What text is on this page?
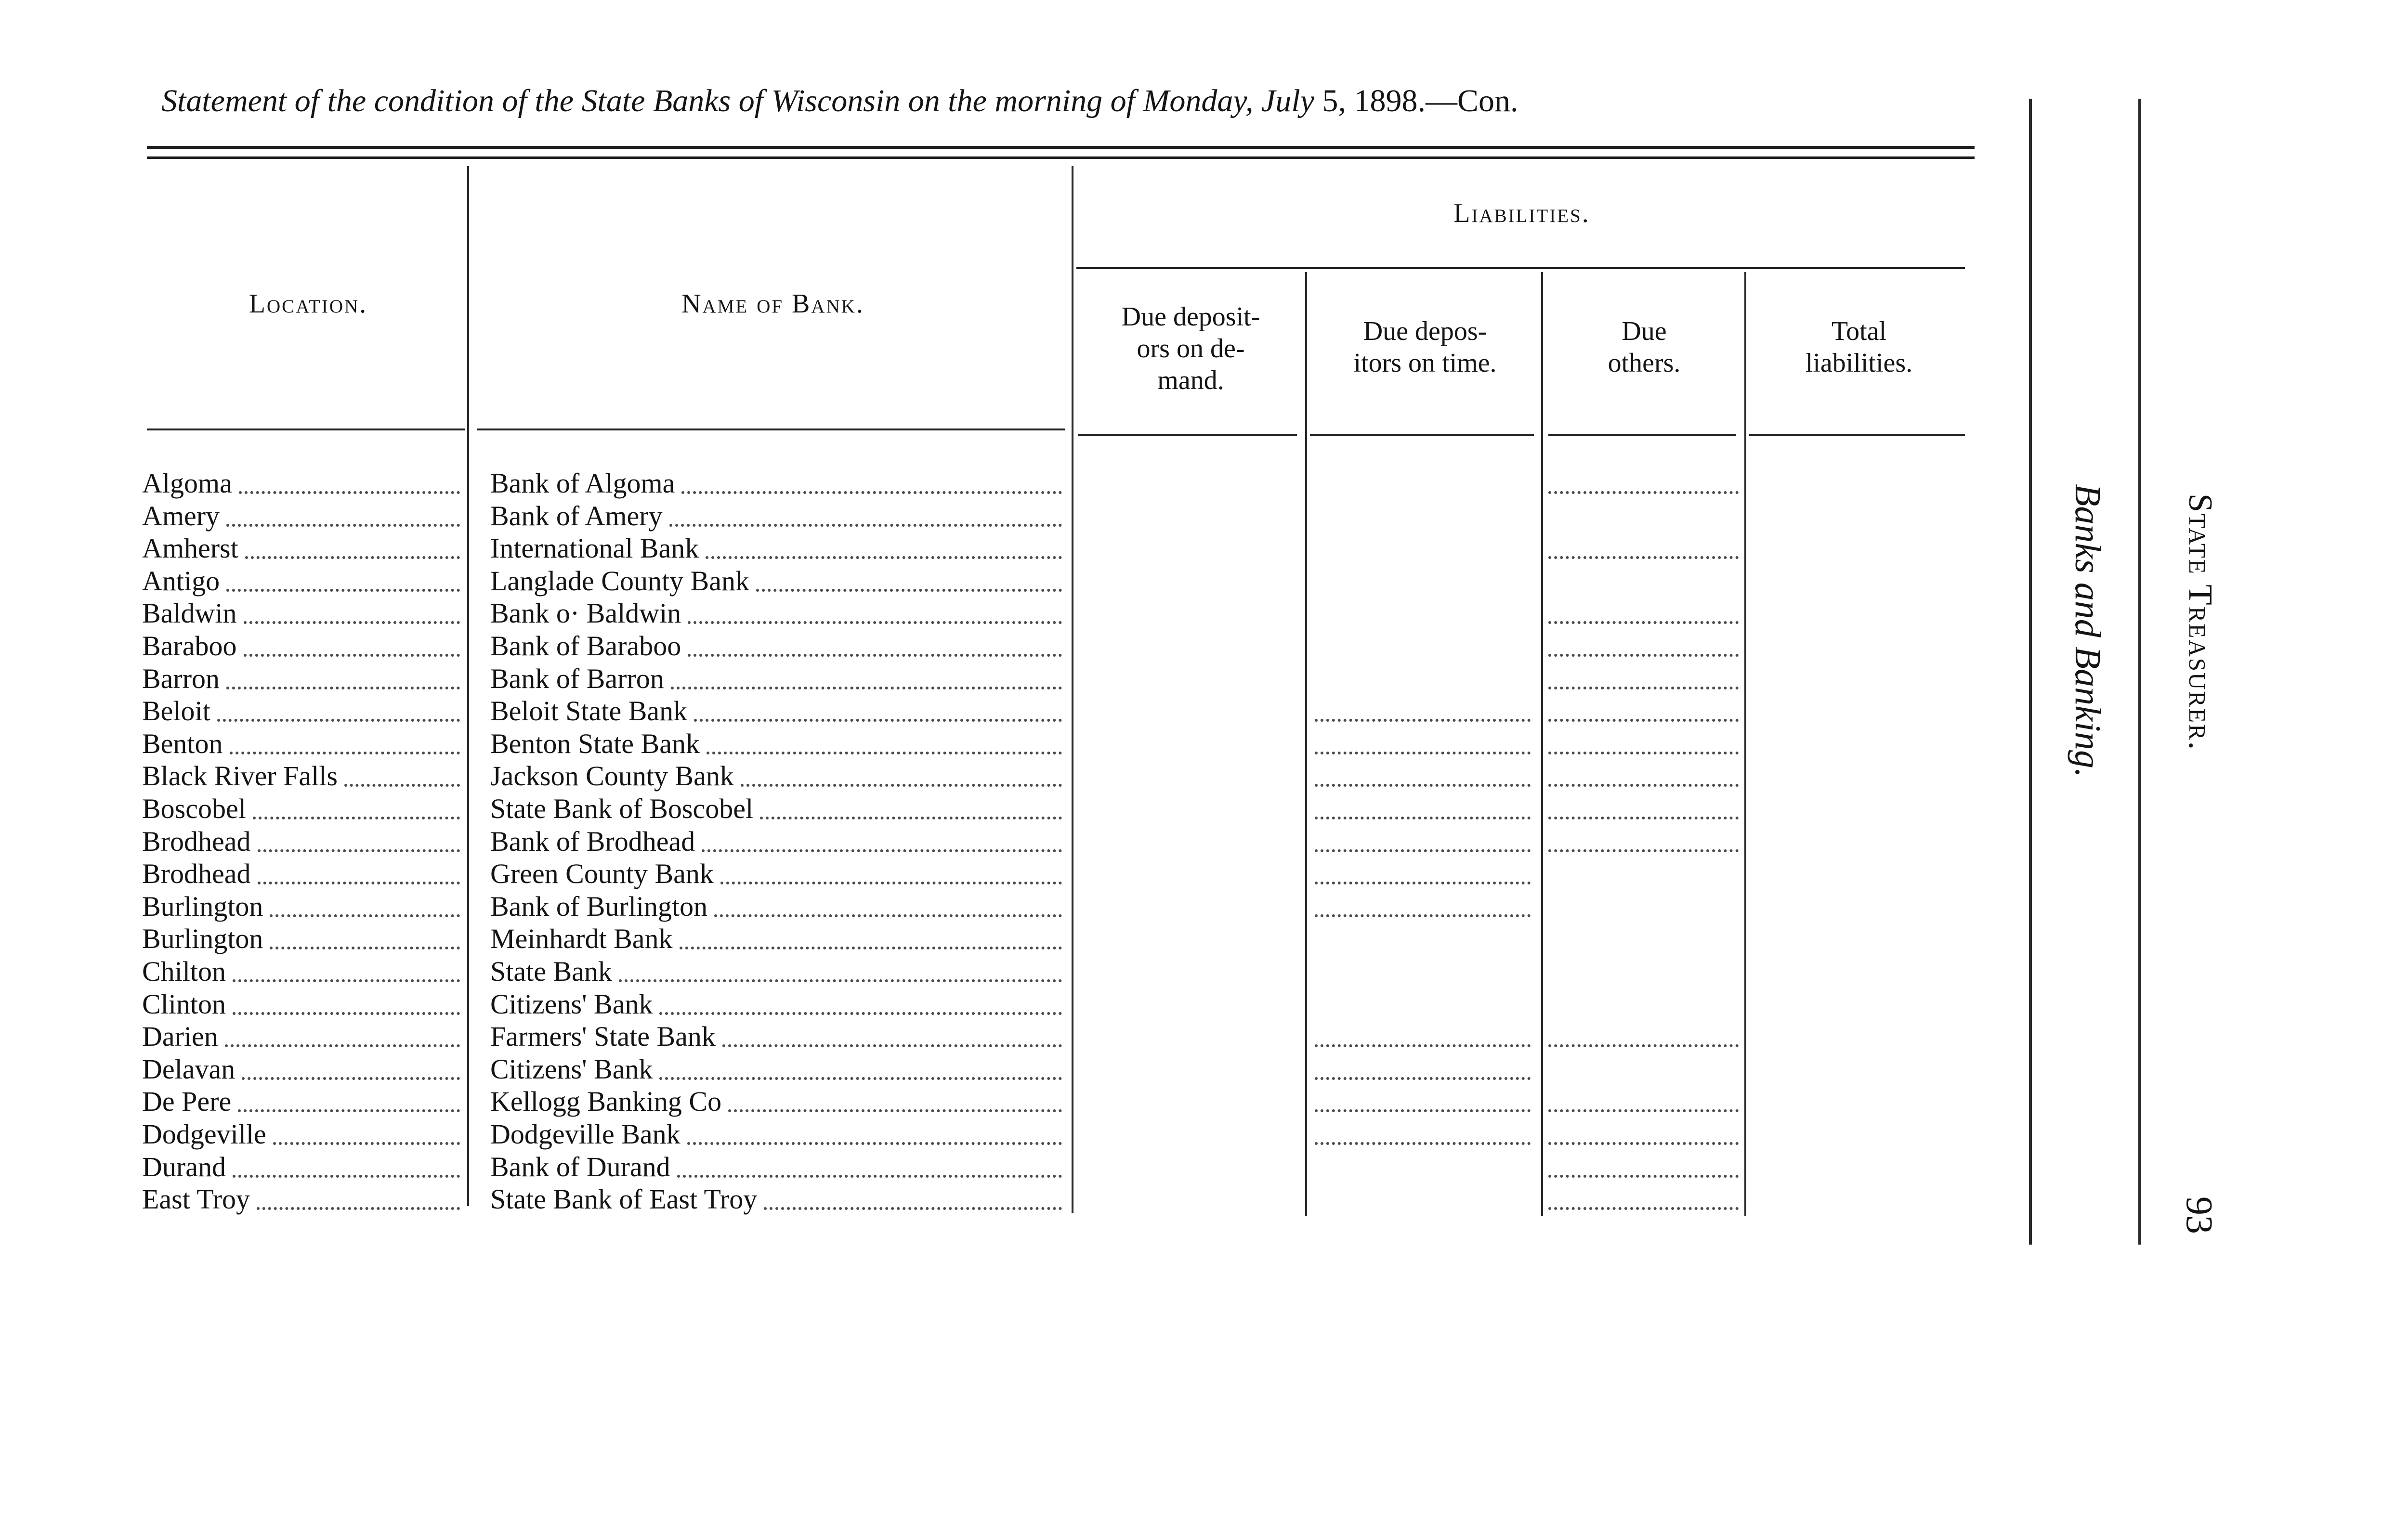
Statement of the condition of the State Banks of Wisconsin on the morning of Monday, July 5, 1898.—Con.
Location.	Name of Bank.
Liabilities.
Due deposit-
ors on de-
mand.
Due depos-
itors on time.
Due
others.
Total
liabilities.
Algoma	Bank of Algoma
Amery	Bank of Amery
Amherst	International Bank
Antigo	Langlade County Bank
Baldwin	Bank o· Baldwin
Baraboo	Bank of Baraboo
Barron	Bank of Barron
Beloit	Beloit State Bank
Benton	Benton State Bank
Black River Falls	Jackson County Bank
Boscobel	State Bank of Boscobel
Brodhead	Bank of Brodhead
Brodhead	Green County Bank
Burlington	Bank of Burlington
Burlington	Meinhardt Bank
Chilton	State Bank
Clinton	Citizens' Bank
Darien	Farmers' State Bank
Delavan	Citizens' Bank
De Pere	Kellogg Banking Co
Dodgeville	Dodgeville Bank
Durand	Bank of Durand
East Troy	State Bank of East Troy
Banks and Banking. State Treasurer.
93
